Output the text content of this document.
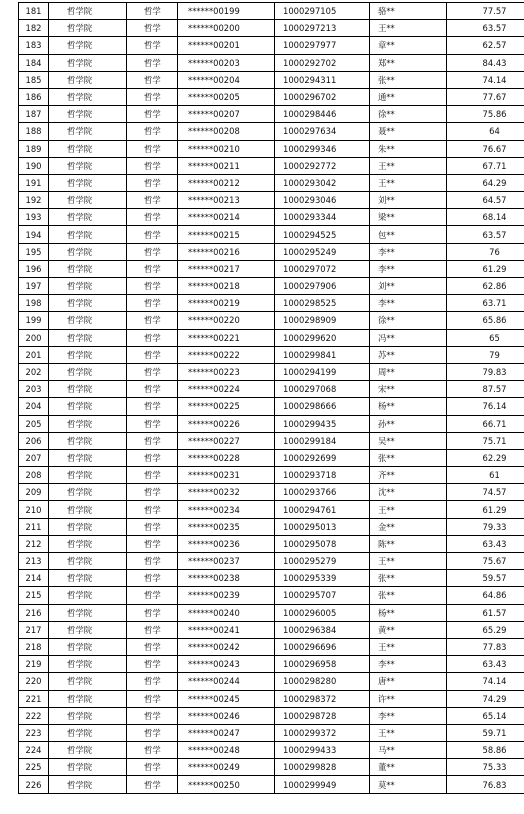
181	哲学院	哲学	******00199	1000297105	骆**	77.57
182	哲学院	哲学	******00200	1000297213	王**	63.57
183	哲学院	哲学	******00201	1000297977	章**	62.57
184	哲学院	哲学	******00203	1000292702	郑**	84.43
185	哲学院	哲学	******00204	1000294311	张**	74.14
186	哲学院	哲学	******00205	1000296702	通**	77.67
187	哲学院	哲学	******00207	1000298446	徐**	75.86
188	哲学院	哲学	******00208	1000297634	聂**	64
189	哲学院	哲学	******00210	1000299346	朱**	76.67
190	哲学院	哲学	******00211	1000292772	王**	67.71
191	哲学院	哲学	******00212	1000293042	王**	64.29
192	哲学院	哲学	******00213	1000293046	刘**	64.57
193	哲学院	哲学	******00214	1000293344	梁**	68.14
194	哲学院	哲学	******00215	1000294525	包**	63.57
195	哲学院	哲学	******00216	1000295249	李**	76
196	哲学院	哲学	******00217	1000297072	李**	61.29
197	哲学院	哲学	******00218	1000297906	刘**	62.86
198	哲学院	哲学	******00219	1000298525	李**	63.71
199	哲学院	哲学	******00220	1000298909	徐**	65.86
200	哲学院	哲学	******00221	1000299620	冯**	65
201	哲学院	哲学	******00222	1000299841	苏**	79
202	哲学院	哲学	******00223	1000294199	周**	79.83
203	哲学院	哲学	******00224	1000297068	宋**	87.57
204	哲学院	哲学	******00225	1000298666	杨**	76.14
205	哲学院	哲学	******00226	1000299435	孙**	66.71
206	哲学院	哲学	******00227	1000299184	吴**	75.71
207	哲学院	哲学	******00228	1000292699	张**	62.29
208	哲学院	哲学	******00231	1000293718	齐**	61
209	哲学院	哲学	******00232	1000293766	沈**	74.57
210	哲学院	哲学	******00234	1000294761	王**	61.29
211	哲学院	哲学	******00235	1000295013	金**	79.33
212	哲学院	哲学	******00236	1000295078	陈**	63.43
213	哲学院	哲学	******00237	1000295279	王**	75.67
214	哲学院	哲学	******00238	1000295339	张**	59.57
215	哲学院	哲学	******00239	1000295707	张**	64.86
216	哲学院	哲学	******00240	1000296005	杨**	61.57
217	哲学院	哲学	******00241	1000296384	黄**	65.29
218	哲学院	哲学	******00242	1000296696	王**	77.83
219	哲学院	哲学	******00243	1000296958	李**	63.43
220	哲学院	哲学	******00244	1000298280	唐**	74.14
221	哲学院	哲学	******00245	1000298372	许**	74.29
222	哲学院	哲学	******00246	1000298728	李**	65.14
223	哲学院	哲学	******00247	1000299372	王**	59.71
224	哲学院	哲学	******00248	1000299433	马**	58.86
225	哲学院	哲学	******00249	1000299828	董**	75.33
226	哲学院	哲学	******00250	1000299949	莫**	76.83
